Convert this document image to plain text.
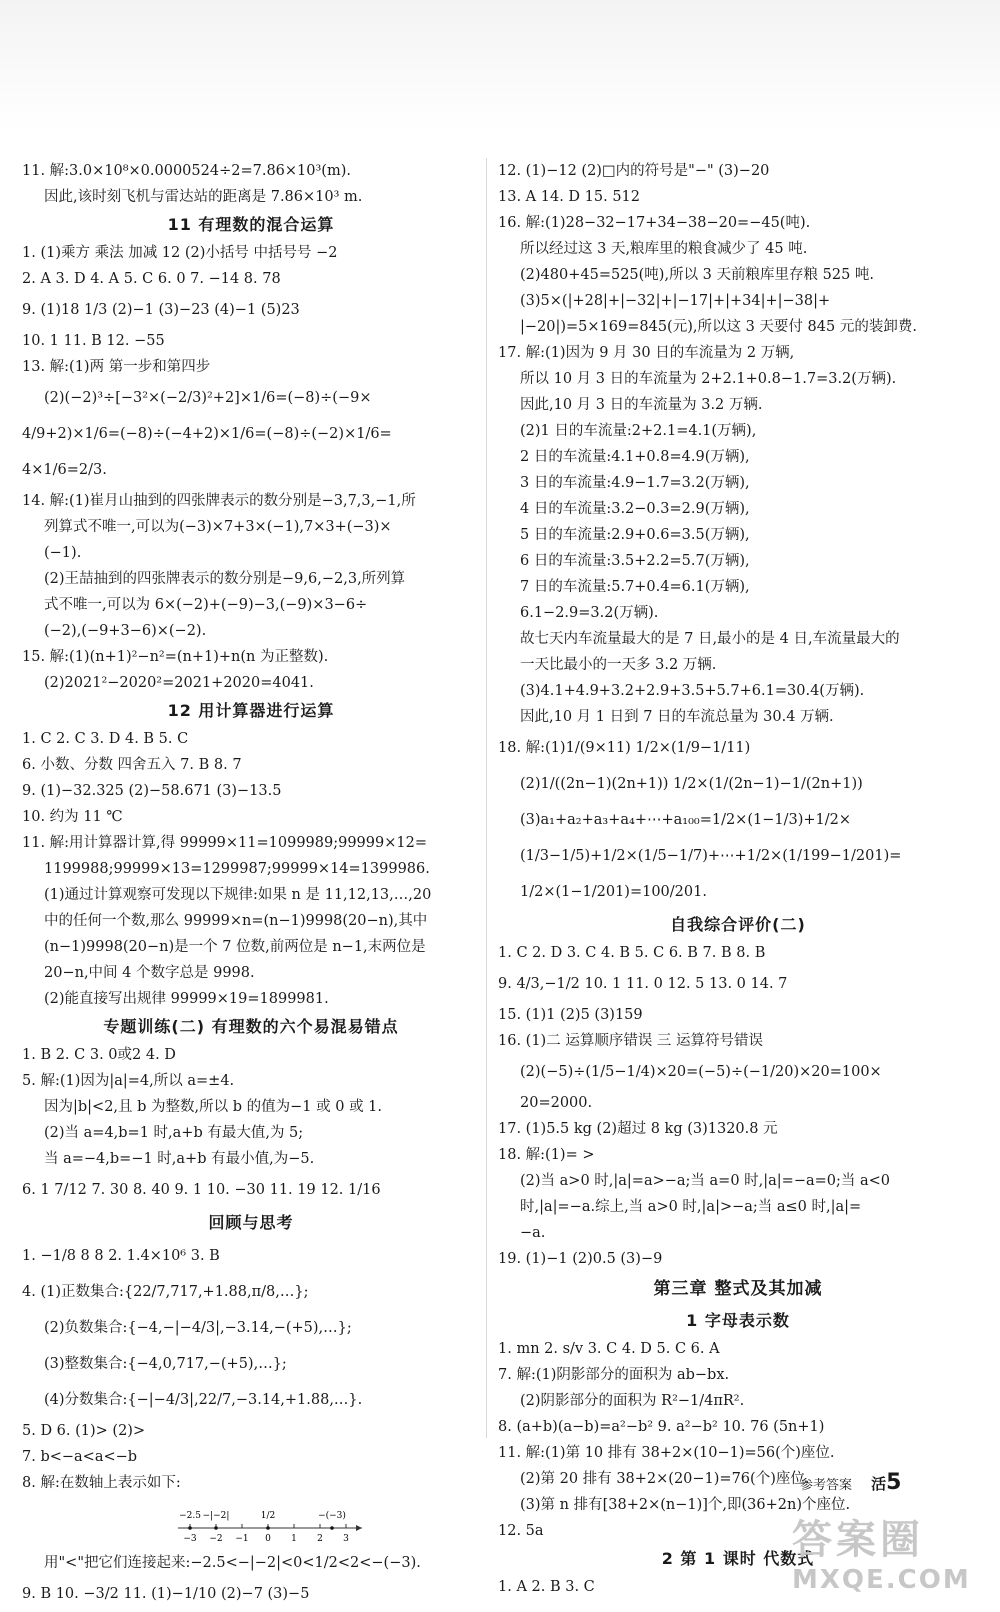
11. 解:3.0×10⁸×0.0000524÷2=7.86×10³(m).
因此,该时刻飞机与雷达站的距离是 7.86×10³ m.
11 有理数的混合运算
1. (1)乘方 乘法 加减 12 (2)小括号 中括号号 −2
2. A 3. D 4. A 5. C 6. 0 7. −14 8. 78
9. (1)18 1/3 (2)−1 (3)−23 (4)−1 (5)23
10. 1 11. B 12. −55
13. 解:(1)两 第一步和第四步
(2)(−2)³÷[−3²×(−2/3)²+2]×1/6=(−8)÷(−9×
4/9+2)×1/6=(−8)÷(−4+2)×1/6=(−8)÷(−2)×1/6=
4×1/6=2/3.
14. 解:(1)崔月山抽到的四张牌表示的数分别是−3,7,3,−1,所
列算式不唯一,可以为(−3)×7+3×(−1),7×3+(−3)×
(−1).
(2)王喆抽到的四张牌表示的数分别是−9,6,−2,3,所列算
式不唯一,可以为 6×(−2)+(−9)−3,(−9)×3−6÷
(−2),(−9+3−6)×(−2).
15. 解:(1)(n+1)²−n²=(n+1)+n(n 为正整数).
(2)2021²−2020²=2021+2020=4041.
12 用计算器进行运算
1. C 2. C 3. D 4. B 5. C
6. 小数、分数 四舍五入 7. B 8. 7
9. (1)−32.325 (2)−58.671 (3)−13.5
10. 约为 11 ℃
11. 解:用计算器计算,得 99999×11=1099989;99999×12=
1199988;99999×13=1299987;99999×14=1399986.
(1)通过计算观察可发现以下规律:如果 n 是 11,12,13,…,20
中的任何一个数,那么 99999×n=(n−1)9998(20−n),其中
(n−1)9998(20−n)是一个 7 位数,前两位是 n−1,末两位是
20−n,中间 4 个数字总是 9998.
(2)能直接写出规律 99999×19=1899981.
专题训练(二) 有理数的六个易混易错点
1. B 2. C 3. 0或2 4. D
5. 解:(1)因为|a|=4,所以 a=±4.
因为|b|<2,且 b 为整数,所以 b 的值为−1 或 0 或 1.
(2)当 a=4,b=1 时,a+b 有最大值,为 5;
当 a=−4,b=−1 时,a+b 有最小值,为−5.
6. 1 7/12 7. 30 8. 40 9. 1 10. −30 11. 19 12. 1/16
回顾与思考
1. −1/8 8 8 2. 1.4×10⁶ 3. B
4. (1)正数集合:{22/7,717,+1.88,π/8,…};
(2)负数集合:{−4,−|−4/3|,−3.14,−(+5),…};
(3)整数集合:{−4,0,717,−(+5),…};
(4)分数集合:{−|−4/3|,22/7,−3.14,+1.88,…}.
5. D 6. (1)> (2)>
7. b<−a<a<−b
8. 解:在数轴上表示如下:
−3 −2 −1 0 1 2 3
−2.5 −|−2|	1/2	−(−3)
用"<"把它们连接起来:−2.5<−|−2|<0<1/2<2<−(−3).
9. B 10. −3/2 11. (1)−1/10 (2)−7 (3)−5
12. (1)−12 (2)□内的符号是"−" (3)−20
13. A 14. D 15. 512
16. 解:(1)28−32−17+34−38−20=−45(吨).
所以经过这 3 天,粮库里的粮食减少了 45 吨.
(2)480+45=525(吨),所以 3 天前粮库里存粮 525 吨.
(3)5×(|+28|+|−32|+|−17|+|+34|+|−38|+
|−20|)=5×169=845(元),所以这 3 天要付 845 元的装卸费.
17. 解:(1)因为 9 月 30 日的车流量为 2 万辆,
所以 10 月 3 日的车流量为 2+2.1+0.8−1.7=3.2(万辆).
因此,10 月 3 日的车流量为 3.2 万辆.
(2)1 日的车流量:2+2.1=4.1(万辆),
2 日的车流量:4.1+0.8=4.9(万辆),
3 日的车流量:4.9−1.7=3.2(万辆),
4 日的车流量:3.2−0.3=2.9(万辆),
5 日的车流量:2.9+0.6=3.5(万辆),
6 日的车流量:3.5+2.2=5.7(万辆),
7 日的车流量:5.7+0.4=6.1(万辆),
6.1−2.9=3.2(万辆).
故七天内车流量最大的是 7 日,最小的是 4 日,车流量最大的
一天比最小的一天多 3.2 万辆.
(3)4.1+4.9+3.2+2.9+3.5+5.7+6.1=30.4(万辆).
因此,10 月 1 日到 7 日的车流总量为 30.4 万辆.
18. 解:(1)1/(9×11) 1/2×(1/9−1/11)
(2)1/((2n−1)(2n+1)) 1/2×(1/(2n−1)−1/(2n+1))
(3)a₁+a₂+a₃+a₄+⋯+a₁₀₀=1/2×(1−1/3)+1/2×
(1/3−1/5)+1/2×(1/5−1/7)+⋯+1/2×(1/199−1/201)=
1/2×(1−1/201)=100/201.
自我综合评价(二)
1. C 2. D 3. C 4. B 5. C 6. B 7. B 8. B
9. 4/3,−1/2 10. 1 11. 0 12. 5 13. 0 14. 7
15. (1)1 (2)5 (3)159
16. (1)二 运算顺序错误 三 运算符号错误
(2)(−5)÷(1/5−1/4)×20=(−5)÷(−1/20)×20=100×
20=2000.
17. (1)5.5 kg (2)超过 8 kg (3)1320.8 元
18. 解:(1)= >
(2)当 a>0 时,|a|=a>−a;当 a=0 时,|a|=−a=0;当 a<0
时,|a|=−a.综上,当 a>0 时,|a|>−a;当 a≤0 时,|a|=
−a.
19. (1)−1 (2)0.5 (3)−9
第三章 整式及其加减
1 字母表示数
1. mn 2. s/v 3. C 4. D 5. C 6. A
7. 解:(1)阴影部分的面积为 ab−bx.
(2)阴影部分的面积为 R²−1/4πR².
8. (a+b)(a−b)=a²−b² 9. a²−b² 10. 76 (5n+1)
11. 解:(1)第 10 排有 38+2×(10−1)=56(个)座位.
(2)第 20 排有 38+2×(20−1)=76(个)座位.
(3)第 n 排有[38+2×(n−1)]个,即(36+2n)个座位.
12. 5a
2 第 1 课时 代数式
1. A 2. B 3. C
参考答案 活5
答案圈
MXQE.COM
